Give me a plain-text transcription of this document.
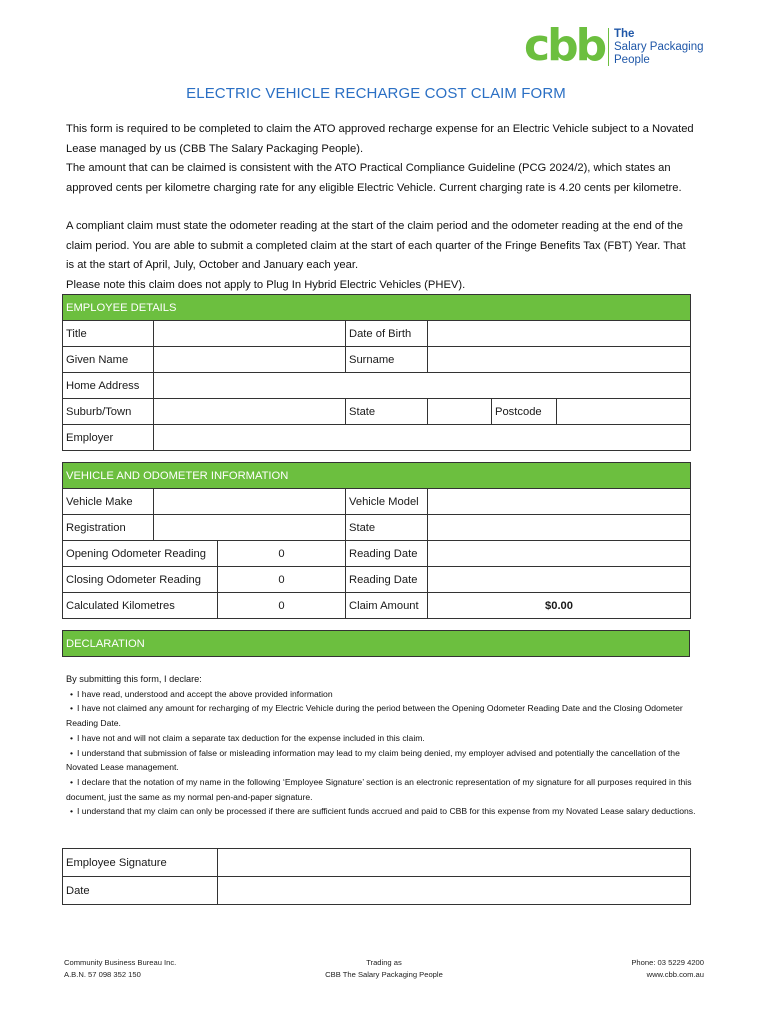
cbb The
Salary Packaging
People
ELECTRIC VEHICLE RECHARGE COST CLAIM FORM

This form is required to be completed to claim the ATO approved recharge expense for an Electric Vehicle subject to a Novated Lease managed by us (CBB The Salary Packaging People).

The amount that can be claimed is consistent with the ATO Practical Compliance Guideline (PCG 2024/2), which states an approved cents per kilometre charging rate for any eligible Electric Vehicle. Current charging rate is 4.20 cents per kilometre.

A compliant claim must state the odometer reading at the start of the claim period and the odometer reading at the end of the claim period. You are able to submit a completed claim at the start of each quarter of the Fringe Benefits Tax (FBT) Year. That is at the start of April, July, October and January each year.

Please note this claim does not apply to Plug In Hybrid Electric Vehicles (PHEV).

EMPLOYEE DETAILS					
Title		Date of Birth			
Given Name		Surname			
Home Address					
Suburb/Town		State		Postcode	
Employer					
VEHICLE AND ODOMETER INFORMATION				
Vehicle Make			Vehicle Model	
Registration			State	
Opening Odometer Reading		0	Reading Date	
Closing Odometer Reading		0	Reading Date	
Calculated Kilometres		0	Claim Amount	$0.00
DECLARATION
By submitting this form, I declare:
• I have read, understood and accept the above provided information
• I have not claimed any amount for recharging of my Electric Vehicle during the period between the Opening Odometer Reading Date and the Closing Odometer Reading Date.
• I have not and will not claim a separate tax deduction for the expense included in this claim.
• I understand that submission of false or misleading information may lead to my claim being denied, my employer advised and potentially the cancellation of the Novated Lease management.
• I declare that the notation of my name in the following ‘Employee Signature’ section is an electronic representation of my signature for all purposes required in this document, just the same as my normal pen-and-paper signature.
• I understand that my claim can only be processed if there are sufficient funds accrued and paid to CBB for this expense from my Novated Lease salary deductions.
Employee Signature	
Date	
Community Business Bureau Inc.
A.B.N. 57 098 352 150
Trading as
CBB The Salary Packaging People
Phone: 03 5229 4200
www.cbb.com.au
